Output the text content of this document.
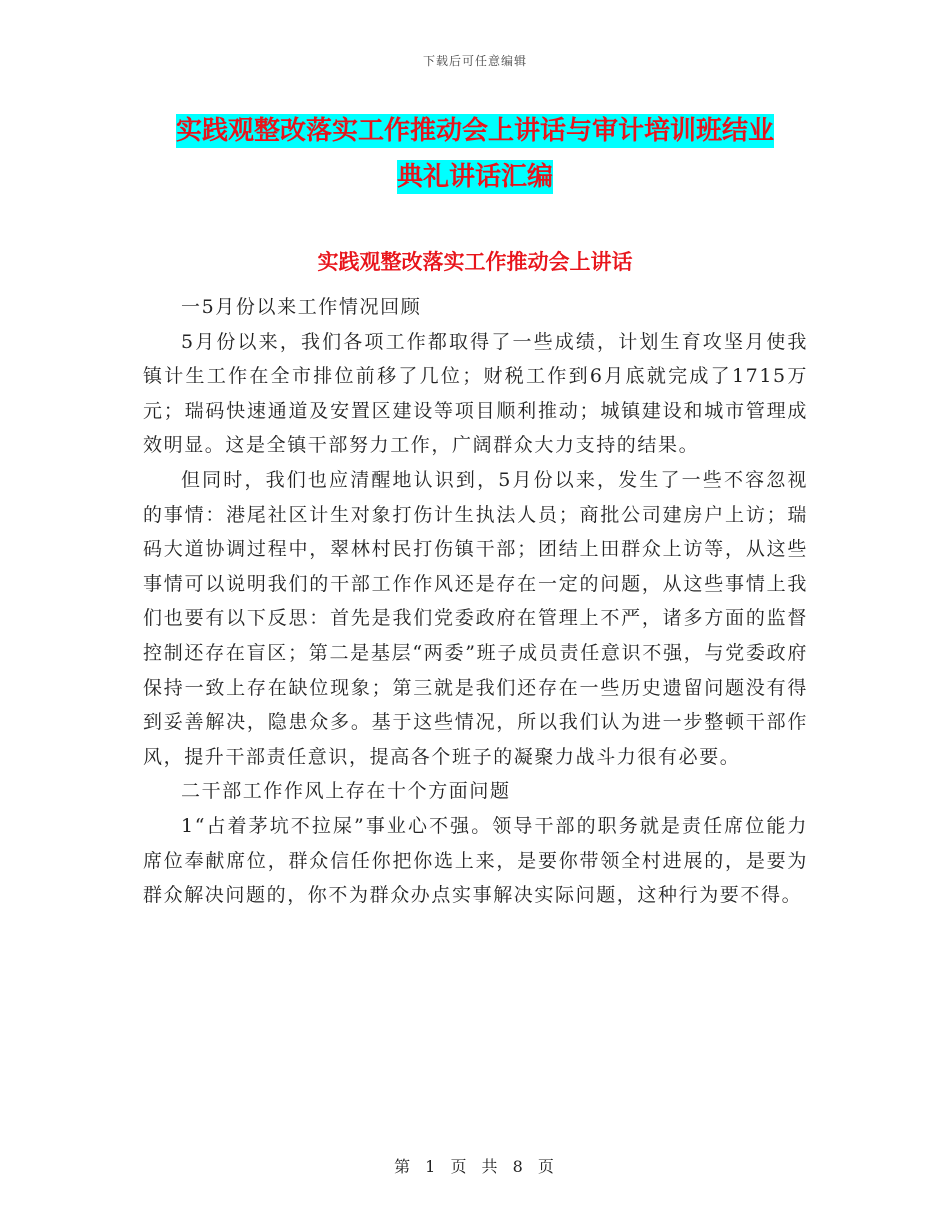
下载后可任意编辑
实践观整改落实工作推动会上讲话与审计培训班结业
典礼讲话汇编
实践观整改落实工作推动会上讲话

一5月份以来工作情况回顾

5月份以来，我们各项工作都取得了一些成绩，计划生育攻坚月使我镇计生工作在全市排位前移了几位；财税工作到6月底就完成了1715万元；瑞码快速通道及安置区建设等项目顺利推动；城镇建设和城市管理成效明显。这是全镇干部努力工作，广阔群众大力支持的结果。

但同时，我们也应清醒地认识到，5月份以来，发生了一些不容忽视的事情：港尾社区计生对象打伤计生执法人员；商批公司建房户上访；瑞码大道协调过程中，翠林村民打伤镇干部；团结上田群众上访等，从这些事情可以说明我们的干部工作作风还是存在一定的问题，从这些事情上我们也要有以下反思：首先是我们党委政府在管理上不严，诸多方面的监督控制还存在盲区；第二是基层“两委”班子成员责任意识不强，与党委政府保持一致上存在缺位现象；第三就是我们还存在一些历史遗留问题没有得到妥善解决，隐患众多。基于这些情况，所以我们认为进一步整顿干部作风，提升干部责任意识，提高各个班子的凝聚力战斗力很有必要。

二干部工作作风上存在十个方面问题

1“占着茅坑不拉屎”事业心不强。领导干部的职务就是责任席位能力席位奉献席位，群众信任你把你选上来，是要你带领全村进展的，是要为群众解决问题的，你不为群众办点实事解决实际问题，这种行为要不得。

第 1 页 共 8 页
